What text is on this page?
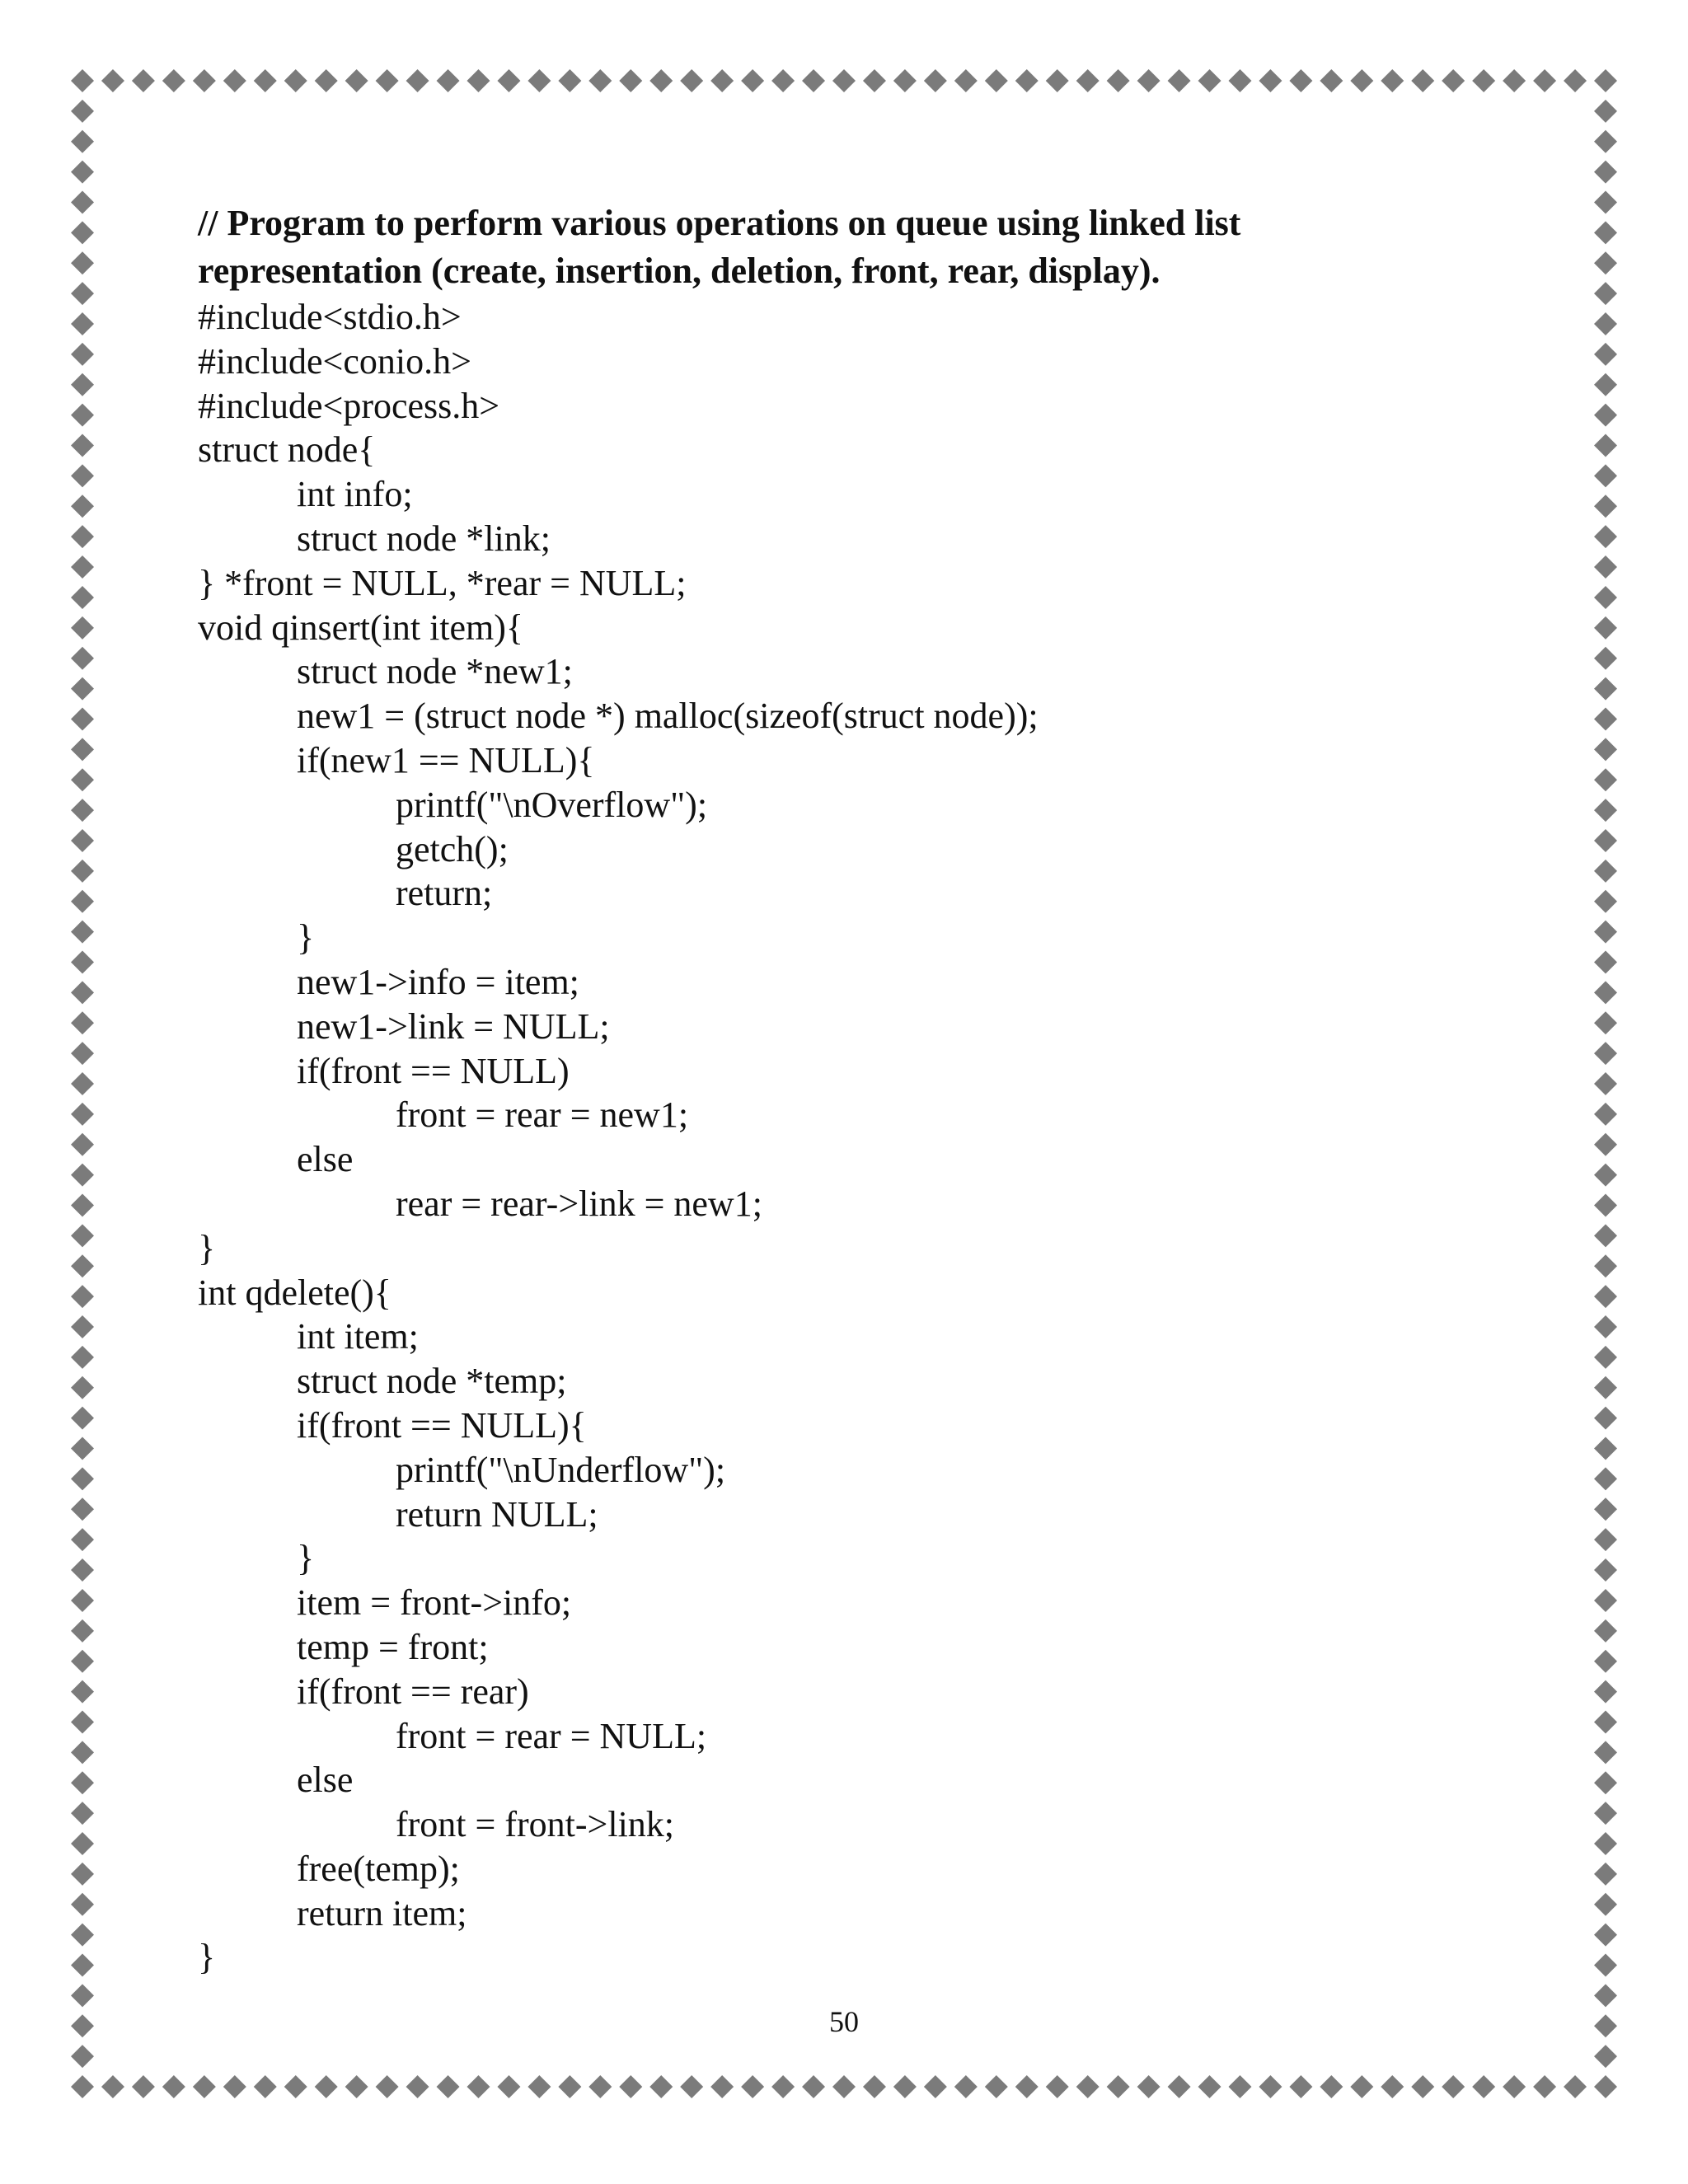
// Program to perform various operations on queue using linked list
representation (create, insertion, deletion, front, rear, display).
#include<stdio.h>
#include<conio.h>
#include<process.h>
struct node{
int info;
struct node *link;
} *front = NULL, *rear = NULL;
void qinsert(int item){
struct node *new1;
new1 = (struct node *) malloc(sizeof(struct node));
if(new1 == NULL){
printf("\nOverflow");
getch();
return;
}
new1->info = item;
new1->link = NULL;
if(front == NULL)
front = rear = new1;
else
rear = rear->link = new1;
}
int qdelete(){
int item;
struct node *temp;
if(front == NULL){
printf("\nUnderflow");
return NULL;
}
item = front->info;
temp = front;
if(front == rear)
front = rear = NULL;
else
front = front->link;
free(temp);
return item;
}
50
